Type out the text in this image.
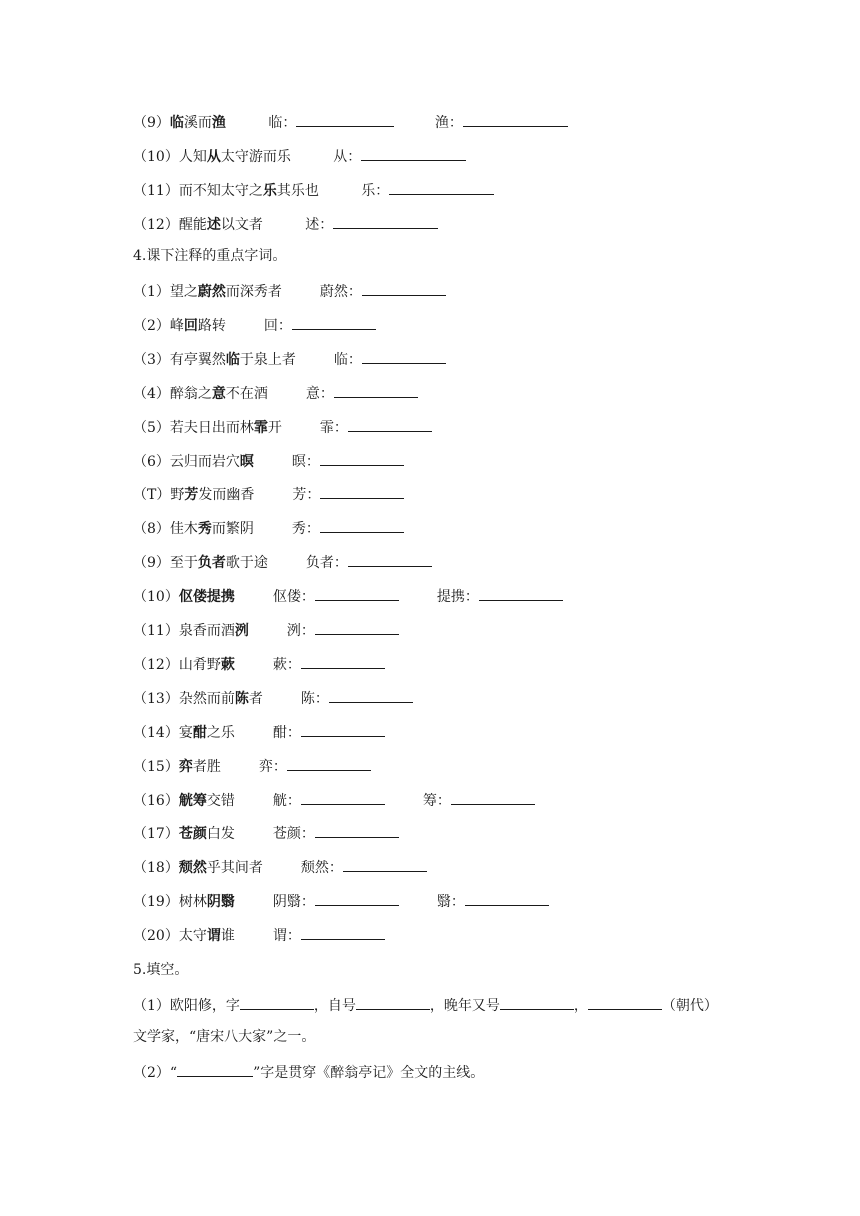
（9）临溪而渔	临：	渔：
（10）人知从太守游而乐	从：
（11）而不知太守之乐其乐也	乐：
（12）醒能述以文者	述：
4.课下注释的重点字词。
（1）望之蔚然而深秀者	蔚然：
（2）峰回路转	回：
（3）有亭翼然临于泉上者	临：
（4）醉翁之意不在酒	意：
（5）若夫日出而林霏开	霏：
（6）云归而岩穴暝	暝：
（T）野芳发而幽香	芳：
（8）佳木秀而繁阴	秀：
（9）至于负者歌于途	负者：
（10）伛偻提携	伛偻：	提携：
（11）泉香而酒洌	洌：
（12）山肴野蔌	蔌：
（13）杂然而前陈者	陈：
（14）宴酣之乐	酣：
（15）弈者胜	弈：
（16）觥筹交错	觥：	筹：
（17）苍颜白发	苍颜：
（18）颓然乎其间者	颓然：
（19）树林阴翳	阴翳：	翳：
（20）太守谓谁	谓：
5.填空。
（1）欧阳修，字	，自号	，晚年又号	，	（朝代）
文学家，“唐宋八大家”之一。
（2）“	”字是贯穿《醉翁亭记》全文的主线。
